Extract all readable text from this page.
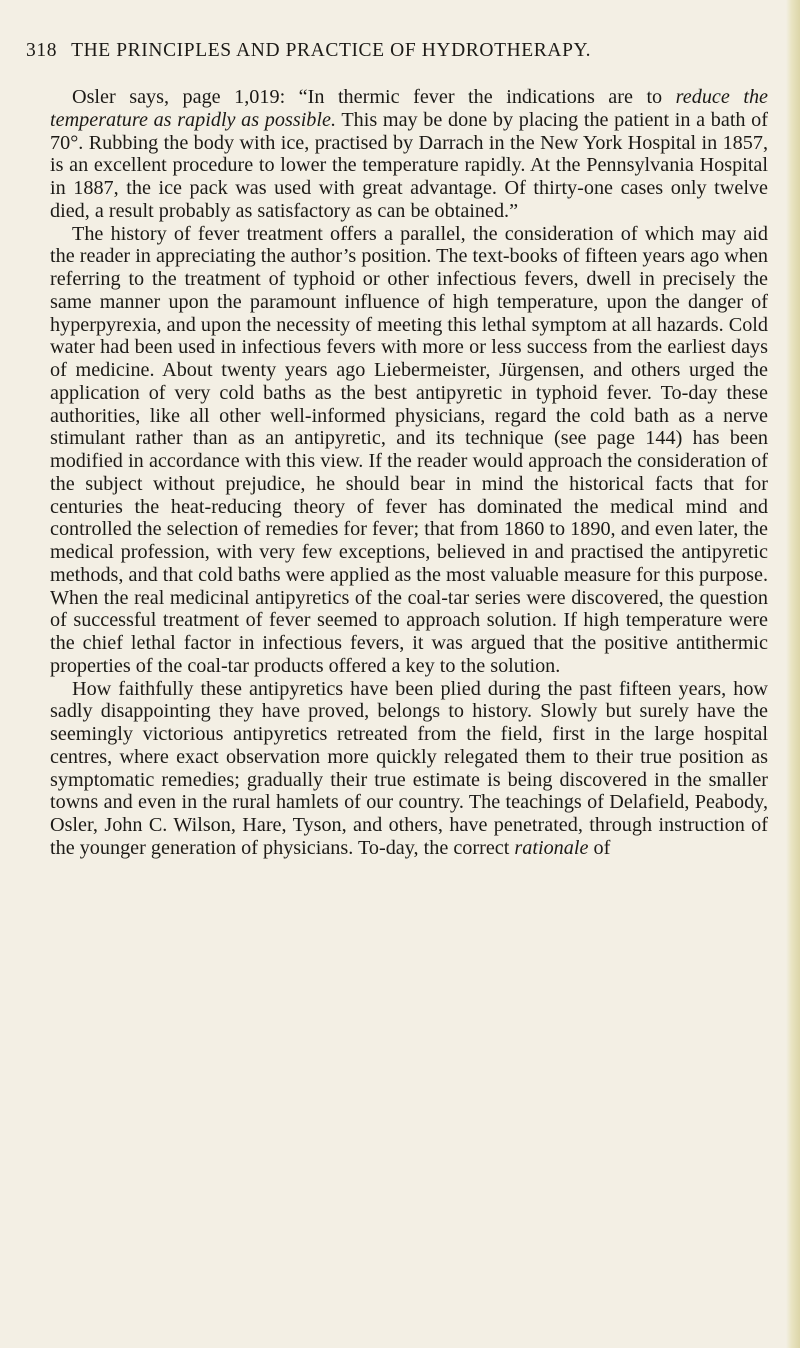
318 THE PRINCIPLES AND PRACTICE OF HYDROTHERAPY.

Osler says, page 1,019: “In thermic fever the indications are to reduce the temperature as rapidly as possible. This may be done by placing the patient in a bath of 70°. Rubbing the body with ice, practised by Darrach in the New York Hospital in 1857, is an excellent procedure to lower the temperature rapidly. At the Pennsylvania Hospital in 1887, the ice pack was used with great advantage. Of thirty-one cases only twelve died, a result probably as satisfactory as can be obtained.”

The history of fever treatment offers a parallel, the consideration of which may aid the reader in appreciating the author’s position. The text-books of fifteen years ago when referring to the treatment of typhoid or other infectious fevers, dwell in precisely the same manner upon the paramount influence of high temperature, upon the danger of hyperpyrexia, and upon the necessity of meeting this lethal symptom at all hazards. Cold water had been used in infectious fevers with more or less success from the earliest days of medicine. About twenty years ago Liebermeister, Jürgensen, and others urged the application of very cold baths as the best antipyretic in typhoid fever. To-day these authorities, like all other well-informed physicians, regard the cold bath as a nerve stimulant rather than as an antipyretic, and its technique (see page 144) has been modified in accordance with this view. If the reader would approach the consideration of the subject without prejudice, he should bear in mind the historical facts that for centuries the heat-reducing theory of fever has dominated the medical mind and controlled the selection of remedies for fever; that from 1860 to 1890, and even later, the medical profession, with very few exceptions, believed in and practised the antipyretic methods, and that cold baths were applied as the most valuable measure for this purpose. When the real medicinal antipyretics of the coal-tar series were discovered, the question of successful treatment of fever seemed to approach solution. If high temperature were the chief lethal factor in infectious fevers, it was argued that the positive antithermic properties of the coal-tar products offered a key to the solution.

How faithfully these antipyretics have been plied during the past fifteen years, how sadly disappointing they have proved, belongs to history. Slowly but surely have the seemingly victorious antipyretics retreated from the field, first in the large hospital centres, where exact observation more quickly relegated them to their true position as symptomatic remedies; gradually their true estimate is being discovered in the smaller towns and even in the rural hamlets of our country. The teachings of Delafield, Peabody, Osler, John C. Wilson, Hare, Tyson, and others, have penetrated, through instruction of the younger generation of physicians. To-day, the correct rationale of
